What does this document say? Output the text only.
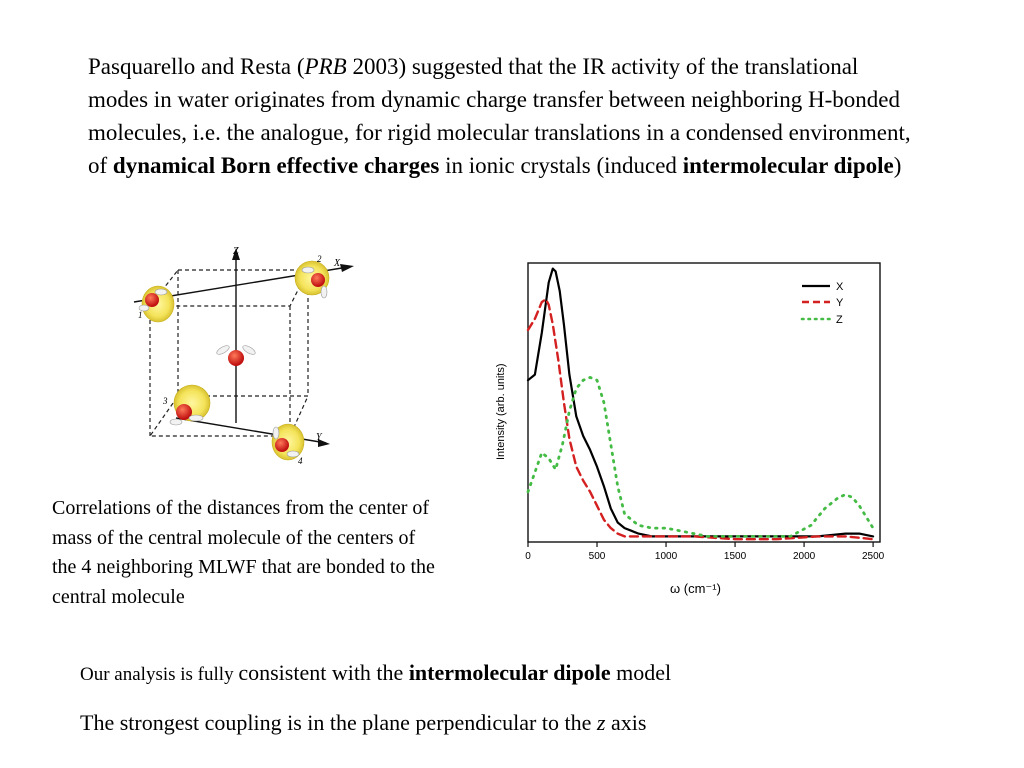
Pasquarello and Resta (PRB 2003) suggested that the IR activity of the translational modes in water originates from dynamic charge transfer between neighboring H-bonded molecules, i.e. the analogue, for rigid molecular translations in a condensed environment, of dynamical Born effective charges in ionic crystals (induced intermolecular dipole)

Z
X
Y
1
2
3
4

Correlations of the distances from the center of mass of the central molecule of the centers of the 4 neighboring MLWF that are bonded to the central molecule

0	500	1000	1500	2000	2500
X
Y
Z
Intensity (arb. units)
ω (cm⁻¹)

Our analysis is fully consistent with the intermolecular dipole model

The strongest coupling is in the plane perpendicular to the z axis
